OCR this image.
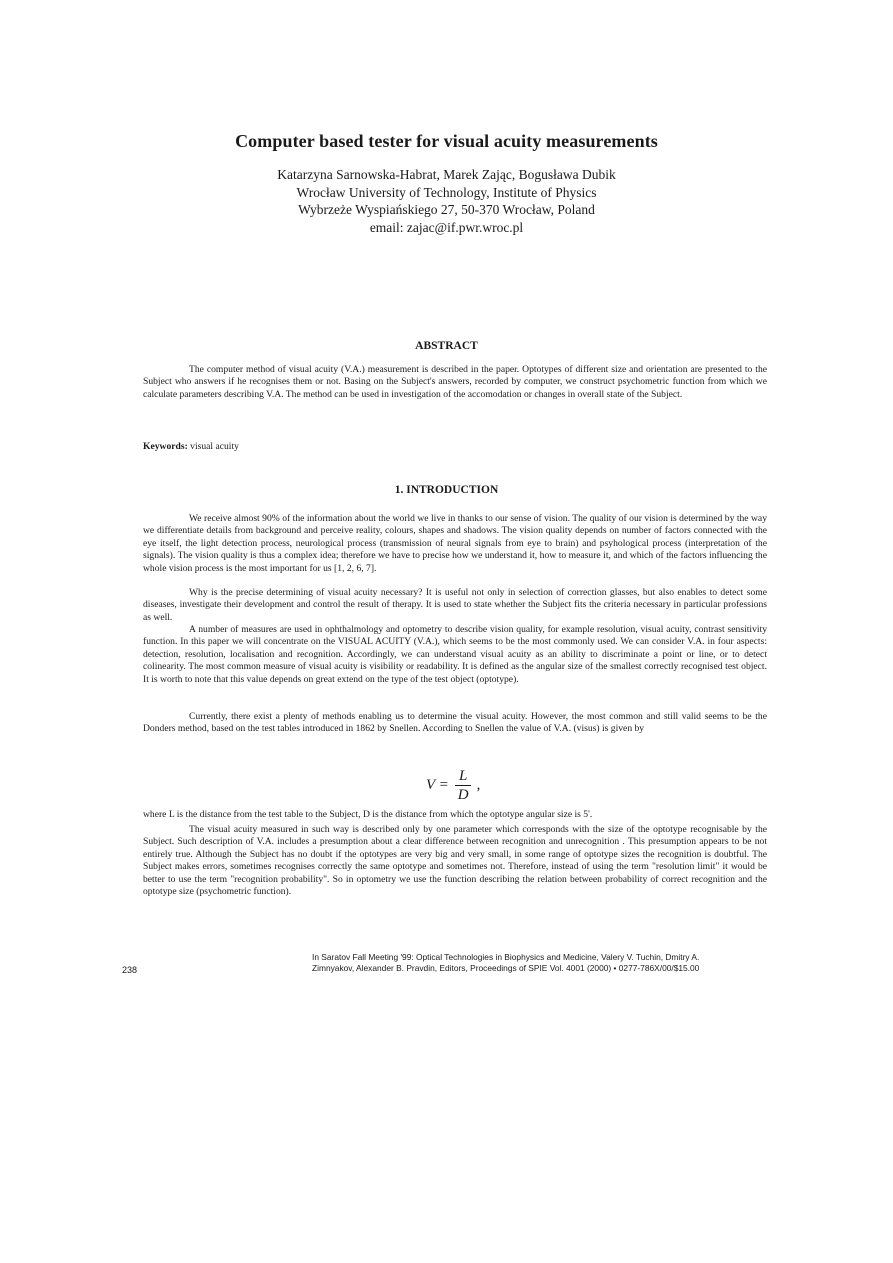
Computer based tester for visual acuity measurements
Katarzyna Sarnowska-Habrat, Marek Zając, Bogusława Dubik
Wrocław University of Technology, Institute of Physics
Wybrzeże Wyspiańskiego 27, 50-370 Wrocław, Poland
email: zajac@if.pwr.wroc.pl
ABSTRACT
The computer method of visual acuity (V.A.) measurement is described in the paper. Optotypes of different size and orientation are presented to the Subject who answers if he recognises them or not. Basing on the Subject's answers, recorded by computer, we construct psychometric function from which we calculate parameters describing V.A. The method can be used in investigation of the accomodation or changes in overall state of the Subject.
Keywords: visual acuity
1. INTRODUCTION
We receive almost 90% of the information about the world we live in thanks to our sense of vision. The quality of our vision is determined by the way we differentiate details from background and perceive reality, colours, shapes and shadows. The vision quality depends on number of factors connected with the eye itself, the light detection process, neurological process (transmission of neural signals from eye to brain) and psyhological process (interpretation of the signals). The vision quality is thus a complex idea; therefore we have to precise how we understand it, how to measure it, and which of the factors influencing the whole vision process is the most important for us [1, 2, 6, 7].
Why is the precise determining of visual acuity necessary? It is useful not only in selection of correction glasses, but also enables to detect some diseases, investigate their development and control the result of therapy. It is used to state whether the Subject fits the criteria necessary in particular professions as well.
A number of measures are used in ophthalmology and optometry to describe vision quality, for example resolution, visual acuity, contrast sensitivity function. In this paper we will concentrate on the VISUAL ACUITY (V.A.), which seems to be the most commonly used. We can consider V.A. in four aspects: detection, resolution, localisation and recognition. Accordingly, we can understand visual acuity as an ability to discriminate a point or line, or to detect colinearity. The most common measure of visual acuity is visibility or readability. It is defined as the angular size of the smallest correctly recognised test object. It is worth to note that this value depends on great extend on the type of the test object (optotype).
Currently, there exist a plenty of methods enabling us to determine the visual acuity. However, the most common and still valid seems to be the Donders method, based on the test tables introduced in 1862 by Snellen. According to Snellen the value of V.A. (visus) is given by
$V = \frac{L}{D}$ ,
where L is the distance from the test table to the Subject, D is the distance from which the optotype angular size is 5'.
The visual acuity measured in such way is described only by one parameter which corresponds with the size of the optotype recognisable by the Subject. Such description of V.A. includes a presumption about a clear difference between recognition and unrecognition . This presumption appears to be not entirely true. Although the Subject has no doubt if the optotypes are very big and very small, in some range of optotype sizes the recognition is doubtful. The Subject makes errors, sometimes recognises correctly the same optotype and sometimes not. Therefore, instead of using the term "resolution limit" it would be better to use the term "recognition probability". So in optometry we use the function describing the relation between probability of correct recognition and the optotype size (psychometric function).
238
In Saratov Fall Meeting '99: Optical Technologies in Biophysics and Medicine, Valery V. Tuchin, Dmitry A.
Zimnyakov, Alexander B. Pravdin, Editors, Proceedings of SPIE Vol. 4001 (2000) • 0277-786X/00/$15.00
